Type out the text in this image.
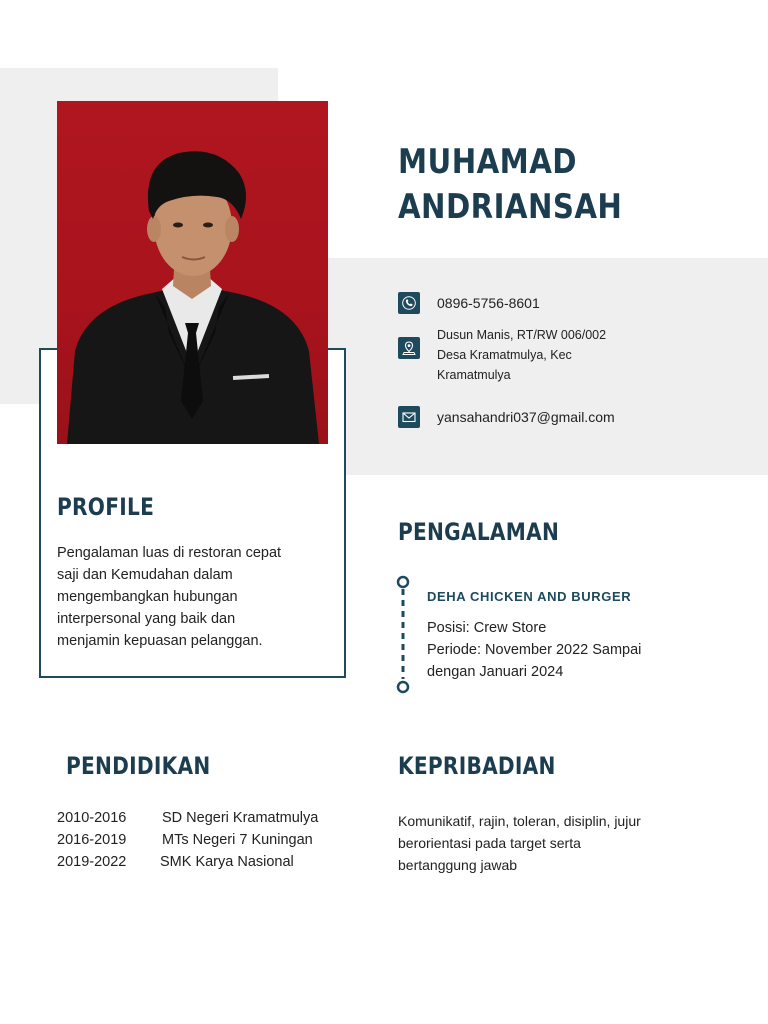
MUHAMAD
ANDRIANSAH
0896-5756-8601
Dusun Manis, RT/RW 006/002
Desa Kramatmulya, Kec
Kramatmulya
yansahandri037@gmail.com
PROFILE
Pengalaman luas di restoran cepat
saji dan Kemudahan dalam
mengembangkan hubungan
interpersonal yang baik dan
menjamin kepuasan pelanggan.
PENGALAMAN
DEHA CHICKEN AND BURGER
Posisi: Crew Store
Periode: November 2022 Sampai
dengan Januari 2024
PENDIDIKAN
2010-2016 SD Negeri Kramatmulya
2016-2019 MTs Negeri 7 Kuningan
2019-2022 SMK Karya Nasional
KEPRIBADIAN
Komunikatif, rajin, toleran, disiplin, jujur
berorientasi pada target serta
bertanggung jawab
